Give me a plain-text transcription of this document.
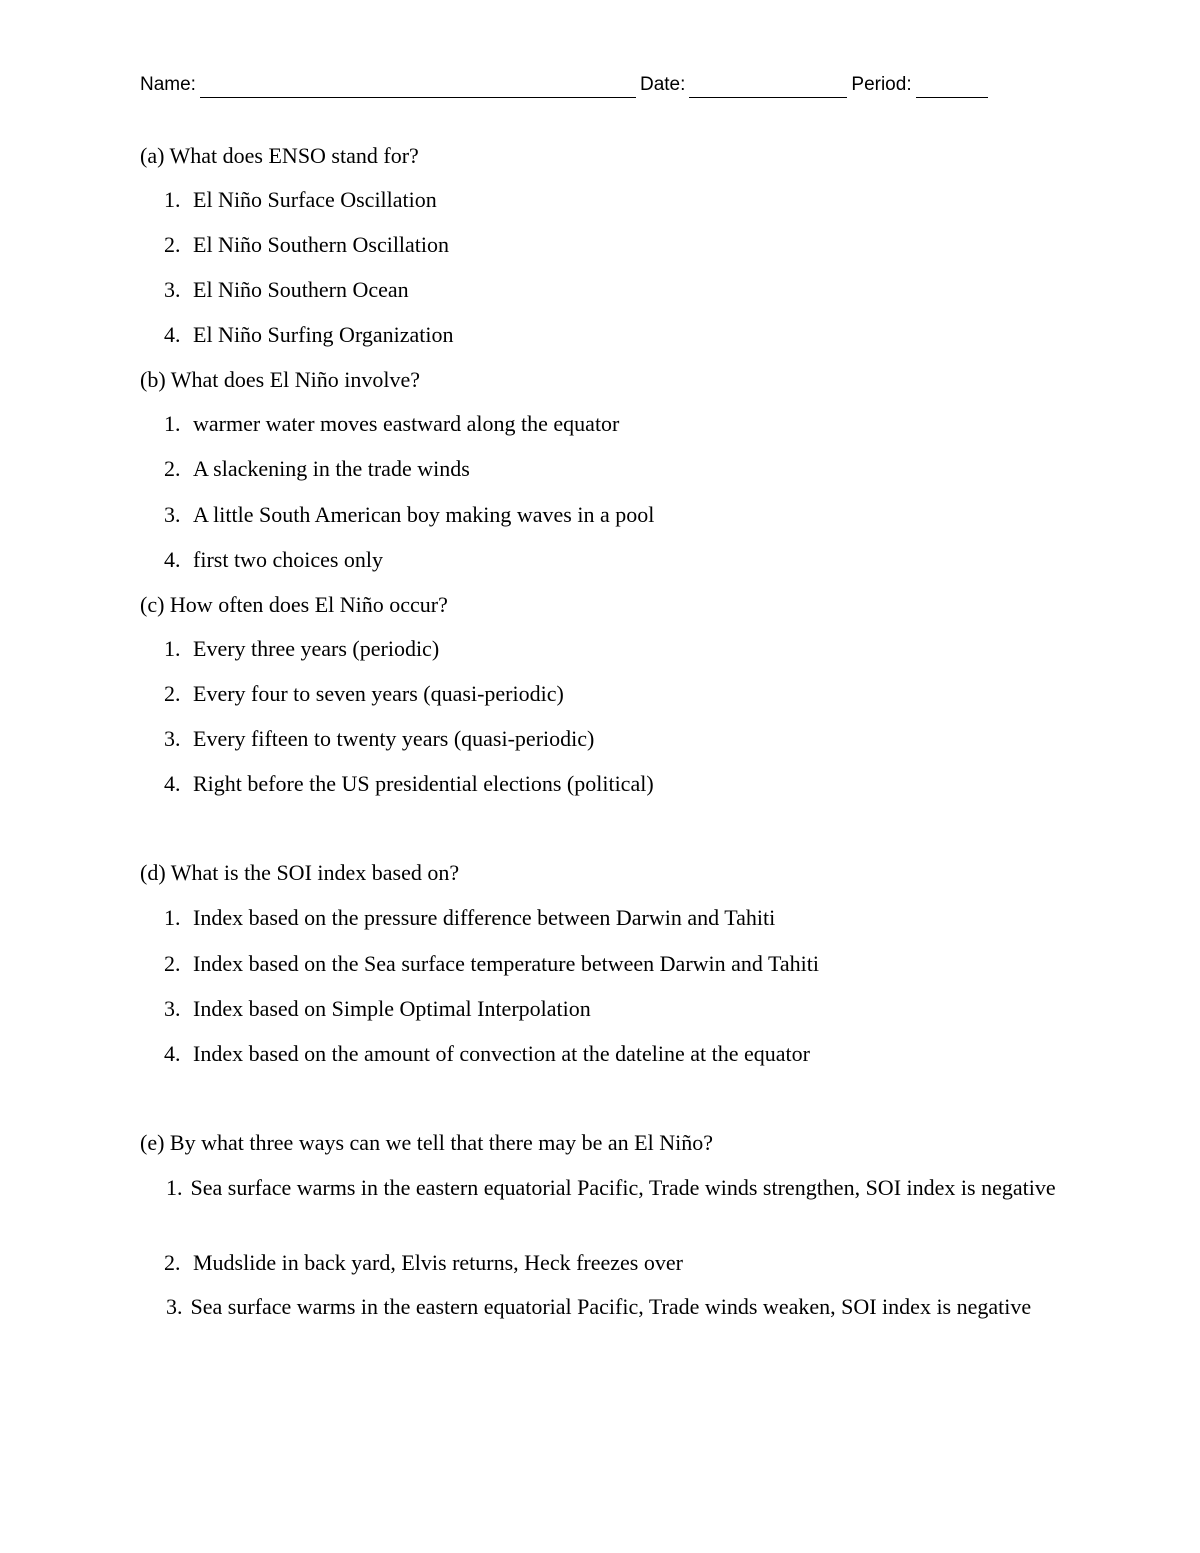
Name:	Date:	Period:
(a) What does ENSO stand for?
1. El Niño Surface Oscillation
2. El Niño Southern Oscillation
3. El Niño Southern Ocean
4. El Niño Surfing Organization
(b) What does El Niño involve?
1. warmer water moves eastward along the equator
2. A slackening in the trade winds
3. A little South American boy making waves in a pool
4. first two choices only
(c) How often does El Niño occur?
1. Every three years (periodic)
2. Every four to seven years (quasi-periodic)
3. Every fifteen to twenty years (quasi-periodic)
4. Right before the US presidential elections (political)
(d) What is the SOI index based on?
1. Index based on the pressure difference between Darwin and Tahiti
2. Index based on the Sea surface temperature between Darwin and Tahiti
3. Index based on Simple Optimal Interpolation
4. Index based on the amount of convection at the dateline at the equator
(e) By what three ways can we tell that there may be an El Niño?
1. Sea surface warms in the eastern equatorial Pacific, Trade winds strengthen, SOI index is negative
2. Mudslide in back yard, Elvis returns, Heck freezes over
3. Sea surface warms in the eastern equatorial Pacific, Trade winds weaken, SOI index is negative
